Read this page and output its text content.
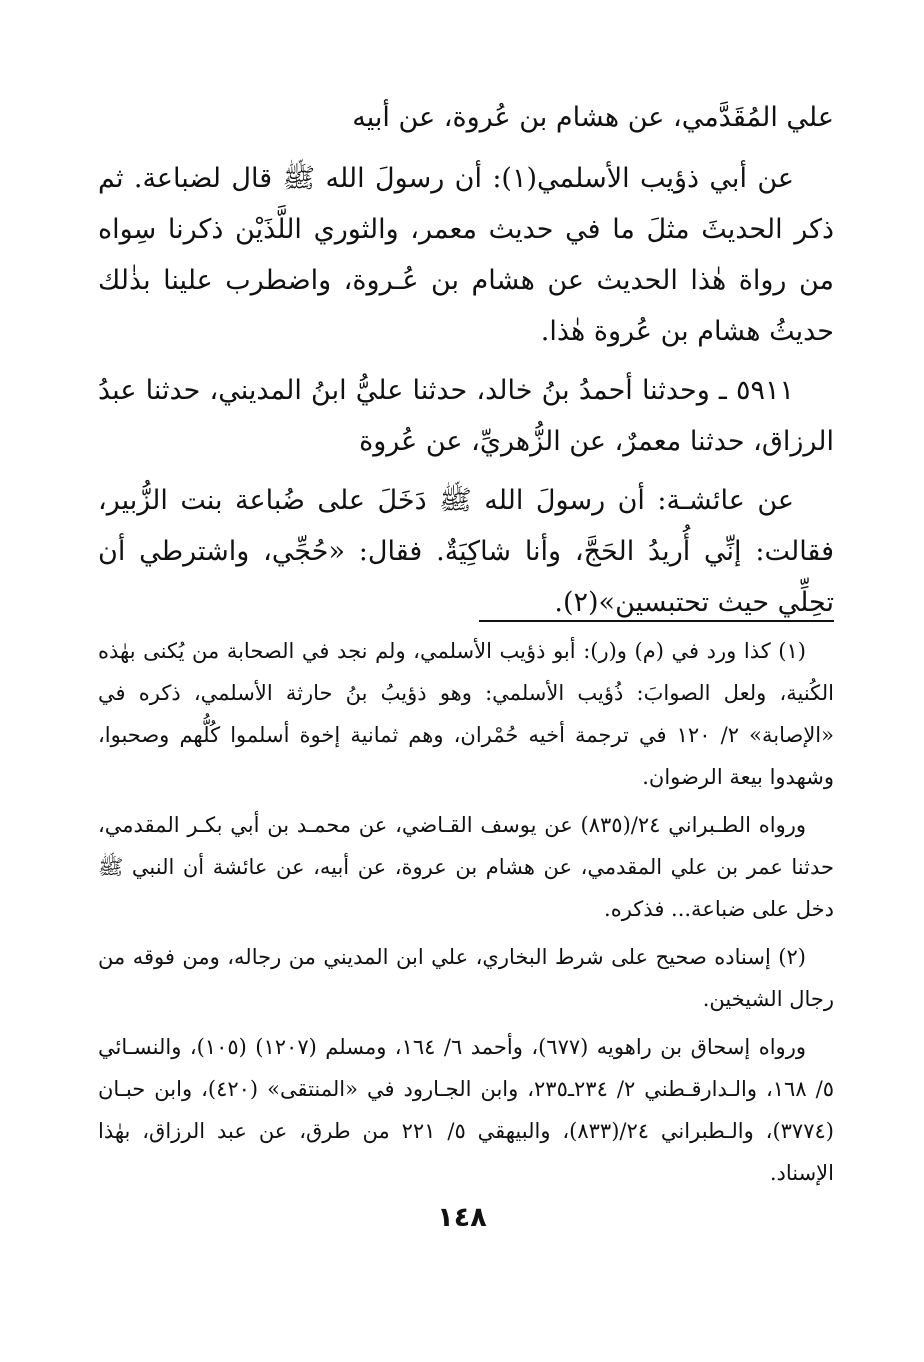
علي المُقَدَّمي، عن هشام بن عُروة، عن أبيه

عن أبي ذؤيب الأسلمي(١): أن رسولَ الله ﷺ قال لضباعة. ثم ذكر الحديثَ مثلَ ما في حديث معمر، والثوري اللَّذَيْن ذكرنا سِواه من رواة هٰذا الحديث عن هشام بن عُـروة، واضطرب علينا بذٰلك حديثُ هشام بن عُروة هٰذا.

٥٩١١ ـ وحدثنا أحمدُ بنُ خالد، حدثنا عليُّ ابنُ المديني، حدثنا عبدُ الرزاق، حدثنا معمرٌ، عن الزُّهريِّ، عن عُروة

عن عائشـة: أن رسولَ الله ﷺ دَخَلَ على ضُباعة بنت الزُّبير، فقالت: إنِّي أُريدُ الحَجَّ، وأنا شاكِيَةٌ. فقال: «حُجِّي، واشترطي أن تحِلِّي حيث تحتبسين»(٢).

(١) كذا ورد في (م) و(ر): أبو ذؤيب الأسلمي، ولم نجد في الصحابة من يُكنى بهٰذه الكُنية، ولعل الصوابَ: ذُؤيب الأسلمي: وهو ذؤيبُ بنُ حارثة الأسلمي، ذكره في «الإصابة» ٢/ ١٢٠ في ترجمة أخيه حُمْران، وهم ثمانية إخوة أسلموا كُلُّهم وصحبوا، وشهدوا بيعة الرضوان.

ورواه الطـبراني ٢٤/(٨٣٥) عن يوسف القـاضي، عن محمـد بن أبي بكـر المقدمي، حدثنا عمر بن علي المقدمي، عن هشام بن عروة، عن أبيه، عن عائشة أن النبي ﷺ دخل على ضباعة... فذكره.

(٢) إسناده صحيح على شرط البخاري، علي ابن المديني من رجاله، ومن فوقه من رجال الشيخين.

ورواه إسحاق بن راهويه (٦٧٧)، وأحمد ٦/ ١٦٤، ومسلم (١٢٠٧) (١٠٥)، والنسـائي ٥/ ١٦٨، والـدارقـطني ٢/ ٢٣٤ـ٢٣٥، وابن الجـارود في «المنتقى» (٤٢٠)، وابن حبـان (٣٧٧٤)، والـطبراني ٢٤/(٨٣٣)، والبيهقي ٥/ ٢٢١ من طرق، عن عبد الرزاق، بهٰذا الإسناد.

١٤٨
